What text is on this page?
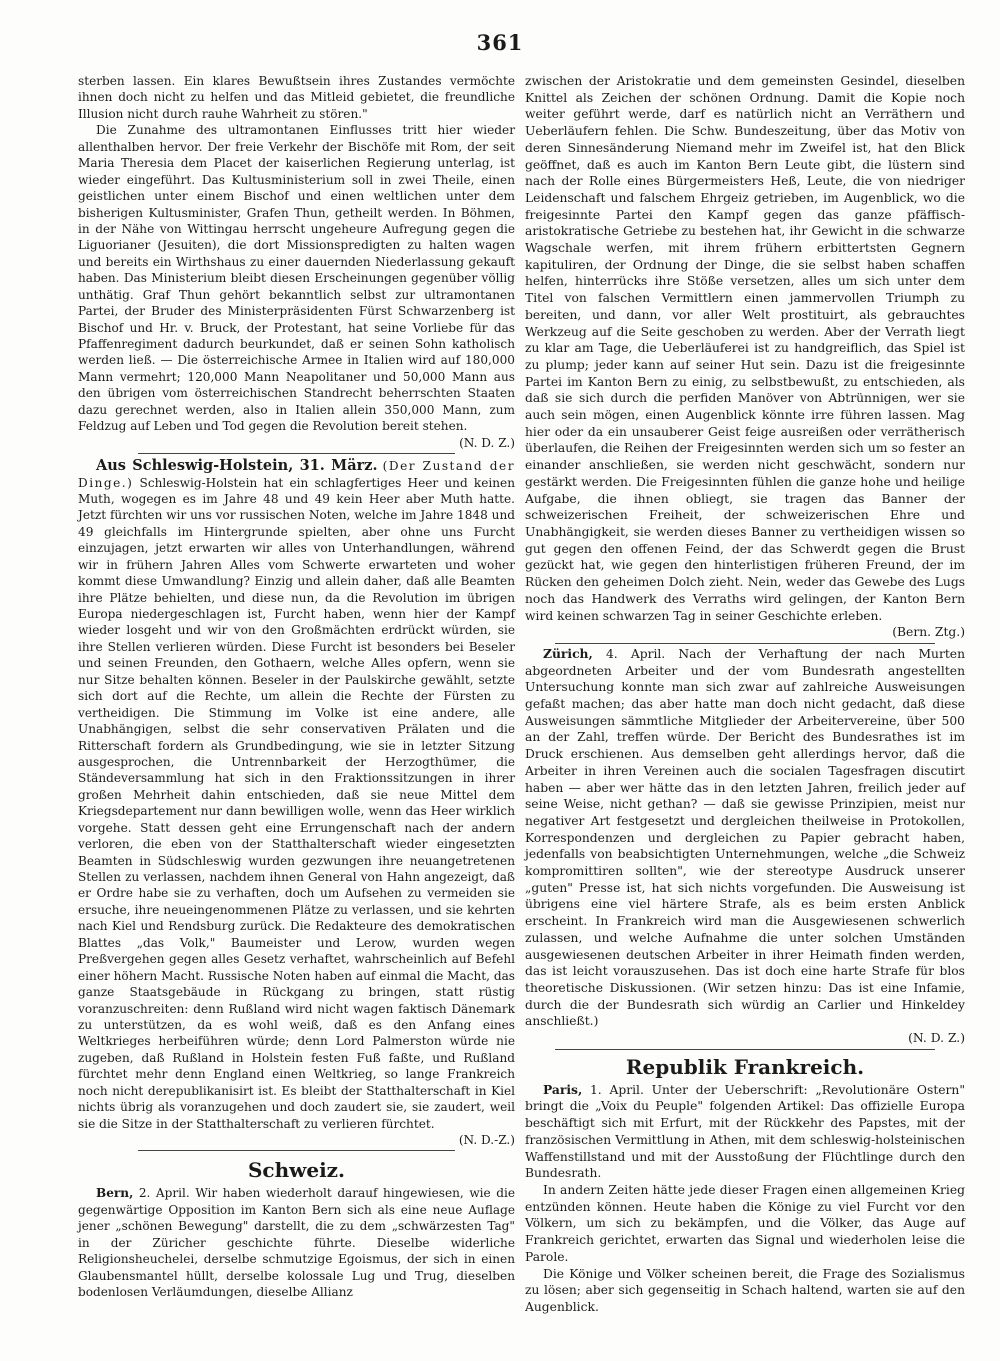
361

sterben lassen. Ein klares Bewußtsein ihres Zustandes vermöchte ihnen doch nicht zu helfen und das Mitleid gebietet, die freundliche Illusion nicht durch rauhe Wahrheit zu stören."

Die Zunahme des ultramontanen Einflusses tritt hier wieder allenthalben hervor. Der freie Verkehr der Bischöfe mit Rom, der seit Maria Theresia dem Placet der kaiserlichen Regierung unterlag, ist wieder eingeführt. Das Kultusministerium soll in zwei Theile, einen geistlichen unter einem Bischof und einen weltlichen unter dem bisherigen Kultusminister, Grafen Thun, getheilt werden. In Böhmen, in der Nähe von Wittingau herrscht ungeheure Aufregung gegen die Liguorianer (Jesuiten), die dort Missionspredigten zu halten wagen und bereits ein Wirthshaus zu einer dauernden Niederlassung gekauft haben. Das Ministerium bleibt diesen Erscheinungen gegenüber völlig unthätig. Graf Thun gehört bekanntlich selbst zur ultramontanen Partei, der Bruder des Ministerpräsidenten Fürst Schwarzenberg ist Bischof und Hr. v. Bruck, der Protestant, hat seine Vorliebe für das Pfaffenregiment dadurch beurkundet, daß er seinen Sohn katholisch werden ließ. — Die österreichische Armee in Italien wird auf 180,000 Mann vermehrt; 120,000 Mann Neapolitaner und 50,000 Mann aus den übrigen vom österreichischen Standrecht beherrschten Staaten dazu gerechnet werden, also in Italien allein 350,000 Mann, zum Feldzug auf Leben und Tod gegen die Revolution bereit stehen.
(N. D. Z.)

Aus Schleswig-Holstein, 31. März. (Der Zustand der Dinge.) Schleswig-Holstein hat ein schlagfertiges Heer und keinen Muth, wogegen es im Jahre 48 und 49 kein Heer aber Muth hatte. Jetzt fürchten wir uns vor russischen Noten, welche im Jahre 1848 und 49 gleichfalls im Hintergrunde spielten, aber ohne uns Furcht einzujagen, jetzt erwarten wir alles von Unterhandlungen, während wir in frühern Jahren Alles vom Schwerte erwarteten und woher kommt diese Umwandlung? Einzig und allein daher, daß alle Beamten ihre Plätze behielten, und diese nun, da die Revolution im übrigen Europa niedergeschlagen ist, Furcht haben, wenn hier der Kampf wieder losgeht und wir von den Großmächten erdrückt würden, sie ihre Stellen verlieren würden. Diese Furcht ist besonders bei Beseler und seinen Freunden, den Gothaern, welche Alles opfern, wenn sie nur Sitze behalten können. Beseler in der Paulskirche gewählt, setzte sich dort auf die Rechte, um allein die Rechte der Fürsten zu vertheidigen. Die Stimmung im Volke ist eine andere, alle Unabhängigen, selbst die sehr conservativen Prälaten und die Ritterschaft fordern als Grundbedingung, wie sie in letzter Sitzung ausgesprochen, die Untrennbarkeit der Herzogthümer, die Ständeversammlung hat sich in den Fraktionssitzungen in ihrer großen Mehrheit dahin entschieden, daß sie neue Mittel dem Kriegsdepartement nur dann bewilligen wolle, wenn das Heer wirklich vorgehe. Statt dessen geht eine Errungenschaft nach der andern verloren, die eben von der Statthalterschaft wieder eingesetzten Beamten in Südschleswig wurden gezwungen ihre neuangetretenen Stellen zu verlassen, nachdem ihnen General von Hahn angezeigt, daß er Ordre habe sie zu verhaften, doch um Aufsehen zu vermeiden sie ersuche, ihre neueingenommenen Plätze zu verlassen, und sie kehrten nach Kiel und Rendsburg zurück. Die Redakteure des demokratischen Blattes „das Volk," Baumeister und Lerow, wurden wegen Preßvergehen gegen alles Gesetz verhaftet, wahrscheinlich auf Befehl einer höhern Macht. Russische Noten haben auf einmal die Macht, das ganze Staatsgebäude in Rückgang zu bringen, statt rüstig voranzuschreiten: denn Rußland wird nicht wagen faktisch Dänemark zu unterstützen, da es wohl weiß, daß es den Anfang eines Weltkrieges herbeiführen würde; denn Lord Palmerston würde nie zugeben, daß Rußland in Holstein festen Fuß faßte, und Rußland fürchtet mehr denn England einen Weltkrieg, so lange Frankreich noch nicht derepublikanisirt ist. Es bleibt der Statthalterschaft in Kiel nichts übrig als voranzugehen und doch zaudert sie, sie zaudert, weil sie die Sitze in der Statthalterschaft zu verlieren fürchtet.
(N. D.-Z.)

Schweiz.

Bern, 2. April. Wir haben wiederholt darauf hingewiesen, wie die gegenwärtige Opposition im Kanton Bern sich als eine neue Auflage jener „schönen Bewegung" darstellt, die zu dem „schwärzesten Tag" in der Züricher geschichte führte. Dieselbe widerliche Religionsheuchelei, derselbe schmutzige Egoismus, der sich in einen Glaubensmantel hüllt, derselbe kolossale Lug und Trug, dieselben bodenlosen Verläumdungen, dieselbe Allianz

zwischen der Aristokratie und dem gemeinsten Gesindel, dieselben Knittel als Zeichen der schönen Ordnung. Damit die Kopie noch weiter geführt werde, darf es natürlich nicht an Verräthern und Ueberläufern fehlen. Die Schw. Bundeszeitung, über das Motiv von deren Sinnesänderung Niemand mehr im Zweifel ist, hat den Blick geöffnet, daß es auch im Kanton Bern Leute gibt, die lüstern sind nach der Rolle eines Bürgermeisters Heß, Leute, die von niedriger Leidenschaft und falschem Ehrgeiz getrieben, im Augenblick, wo die freigesinnte Partei den Kampf gegen das ganze pfäffisch-aristokratische Getriebe zu bestehen hat, ihr Gewicht in die schwarze Wagschale werfen, mit ihrem frühern erbittertsten Gegnern kapituliren, der Ordnung der Dinge, die sie selbst haben schaffen helfen, hinterrücks ihre Stöße versetzen, alles um sich unter dem Titel von falschen Vermittlern einen jammervollen Triumph zu bereiten, und dann, vor aller Welt prostituirt, als gebrauchtes Werkzeug auf die Seite geschoben zu werden. Aber der Verrath liegt zu klar am Tage, die Ueberläuferei ist zu handgreiflich, das Spiel ist zu plump; jeder kann auf seiner Hut sein. Dazu ist die freigesinnte Partei im Kanton Bern zu einig, zu selbstbewußt, zu entschieden, als daß sie sich durch die perfiden Manöver von Abtrünnigen, wer sie auch sein mögen, einen Augenblick könnte irre führen lassen. Mag hier oder da ein unsauberer Geist feige ausreißen oder verrätherisch überlaufen, die Reihen der Freigesinnten werden sich um so fester an einander anschließen, sie werden nicht geschwächt, sondern nur gestärkt werden. Die Freigesinnten fühlen die ganze hohe und heilige Aufgabe, die ihnen obliegt, sie tragen das Banner der schweizerischen Freiheit, der schweizerischen Ehre und Unabhängigkeit, sie werden dieses Banner zu vertheidigen wissen so gut gegen den offenen Feind, der das Schwerdt gegen die Brust gezückt hat, wie gegen den hinterlistigen früheren Freund, der im Rücken den geheimen Dolch zieht. Nein, weder das Gewebe des Lugs noch das Handwerk des Verraths wird gelingen, der Kanton Bern wird keinen schwarzen Tag in seiner Geschichte erleben.
(Bern. Ztg.)

Zürich, 4. April. Nach der Verhaftung der nach Murten abgeordneten Arbeiter und der vom Bundesrath angestellten Untersuchung konnte man sich zwar auf zahlreiche Ausweisungen gefaßt machen; das aber hatte man doch nicht gedacht, daß diese Ausweisungen sämmtliche Mitglieder der Arbeitervereine, über 500 an der Zahl, treffen würde. Der Bericht des Bundesrathes ist im Druck erschienen. Aus demselben geht allerdings hervor, daß die Arbeiter in ihren Vereinen auch die socialen Tagesfragen discutirt haben — aber wer hätte das in den letzten Jahren, freilich jeder auf seine Weise, nicht gethan? — daß sie gewisse Prinzipien, meist nur negativer Art festgesetzt und dergleichen theilweise in Protokollen, Korrespondenzen und dergleichen zu Papier gebracht haben, jedenfalls von beabsichtigten Unternehmungen, welche „die Schweiz kompromittiren sollten", wie der stereotype Ausdruck unserer „guten" Presse ist, hat sich nichts vorgefunden. Die Ausweisung ist übrigens eine viel härtere Strafe, als es beim ersten Anblick erscheint. In Frankreich wird man die Ausgewiesenen schwerlich zulassen, und welche Aufnahme die unter solchen Umständen ausgewiesenen deutschen Arbeiter in ihrer Heimath finden werden, das ist leicht vorauszusehen. Das ist doch eine harte Strafe für blos theoretische Diskussionen. (Wir setzen hinzu: Das ist eine Infamie, durch die der Bundesrath sich würdig an Carlier und Hinkeldey anschließt.)
(N. D. Z.)

Republik Frankreich.

Paris, 1. April. Unter der Ueberschrift: „Revolutionäre Ostern" bringt die „Voix du Peuple" folgenden Artikel: Das offizielle Europa beschäftigt sich mit Erfurt, mit der Rückkehr des Papstes, mit der französischen Vermittlung in Athen, mit dem schleswig-holsteinischen Waffenstillstand und mit der Ausstoßung der Flüchtlinge durch den Bundesrath.

In andern Zeiten hätte jede dieser Fragen einen allgemeinen Krieg entzünden können. Heute haben die Könige zu viel Furcht vor den Völkern, um sich zu bekämpfen, und die Völker, das Auge auf Frankreich gerichtet, erwarten das Signal und wiederholen leise die Parole.

Die Könige und Völker scheinen bereit, die Frage des Sozialismus zu lösen; aber sich gegenseitig in Schach haltend, warten sie auf den Augenblick.
